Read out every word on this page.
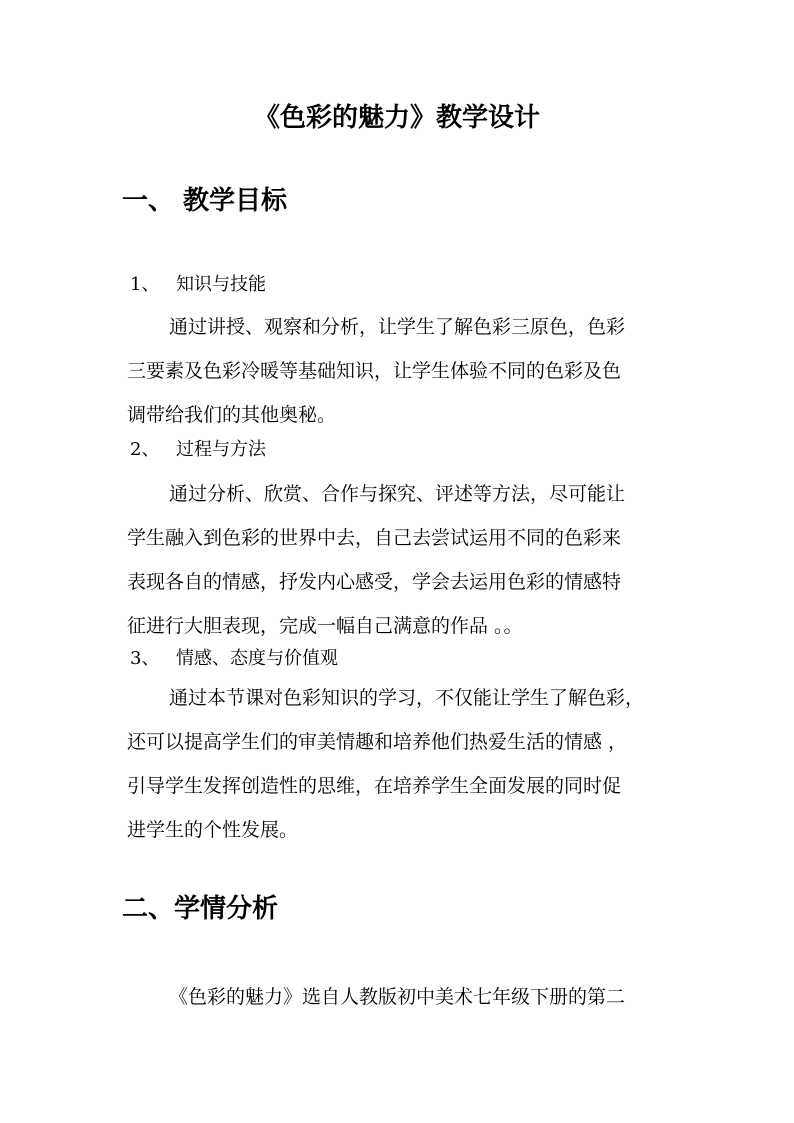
《色彩的魅力》教学设计
一、 教学目标
1、 知识与技能
通过讲授、观察和分析，让学生了解色彩三原色，色彩
三要素及色彩冷暖等基础知识，让学生体验不同的色彩及色
调带给我们的其他奥秘。
2、 过程与方法
通过分析、欣赏、合作与探究、评述等方法，尽可能让
学生融入到色彩的世界中去，自己去尝试运用不同的色彩来
表现各自的情感，抒发内心感受，学会去运用色彩的情感特
征进行大胆表现，完成一幅自己满意的作品 。。
3、 情感、态度与价值观
通过本节课对色彩知识的学习，不仅能让学生了解色彩，
还可以提高学生们的审美情趣和培养他们热爱生活的情感 ，
引导学生发挥创造性的思维，在培养学生全面发展的同时促
进学生的个性发展。
二、学情分析
《色彩的魅力》选自人教版初中美术七年级下册的第二
